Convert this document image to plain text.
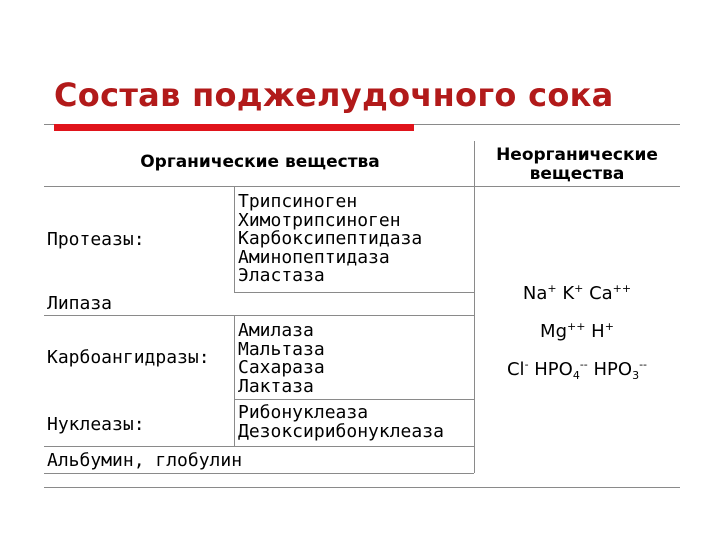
Состав поджелудочного сока
Органические вещества	Неорганические
вещества
Протеазы:
Трипсиноген
Химотрипсиноген
Карбоксипептидаза
Аминопептидаза
Эластаза
Липаза
Карбоангидразы:
Амилаза
Мальтаза
Сахараза
Лактаза
Нуклеазы:
Рибонуклеаза
Дезоксирибонуклеаза
Альбумин, глобулин
Na+ K+ Ca++
Mg++ H+
Cl- $HPO_4^{--}$ $HPO_3^{--}$
